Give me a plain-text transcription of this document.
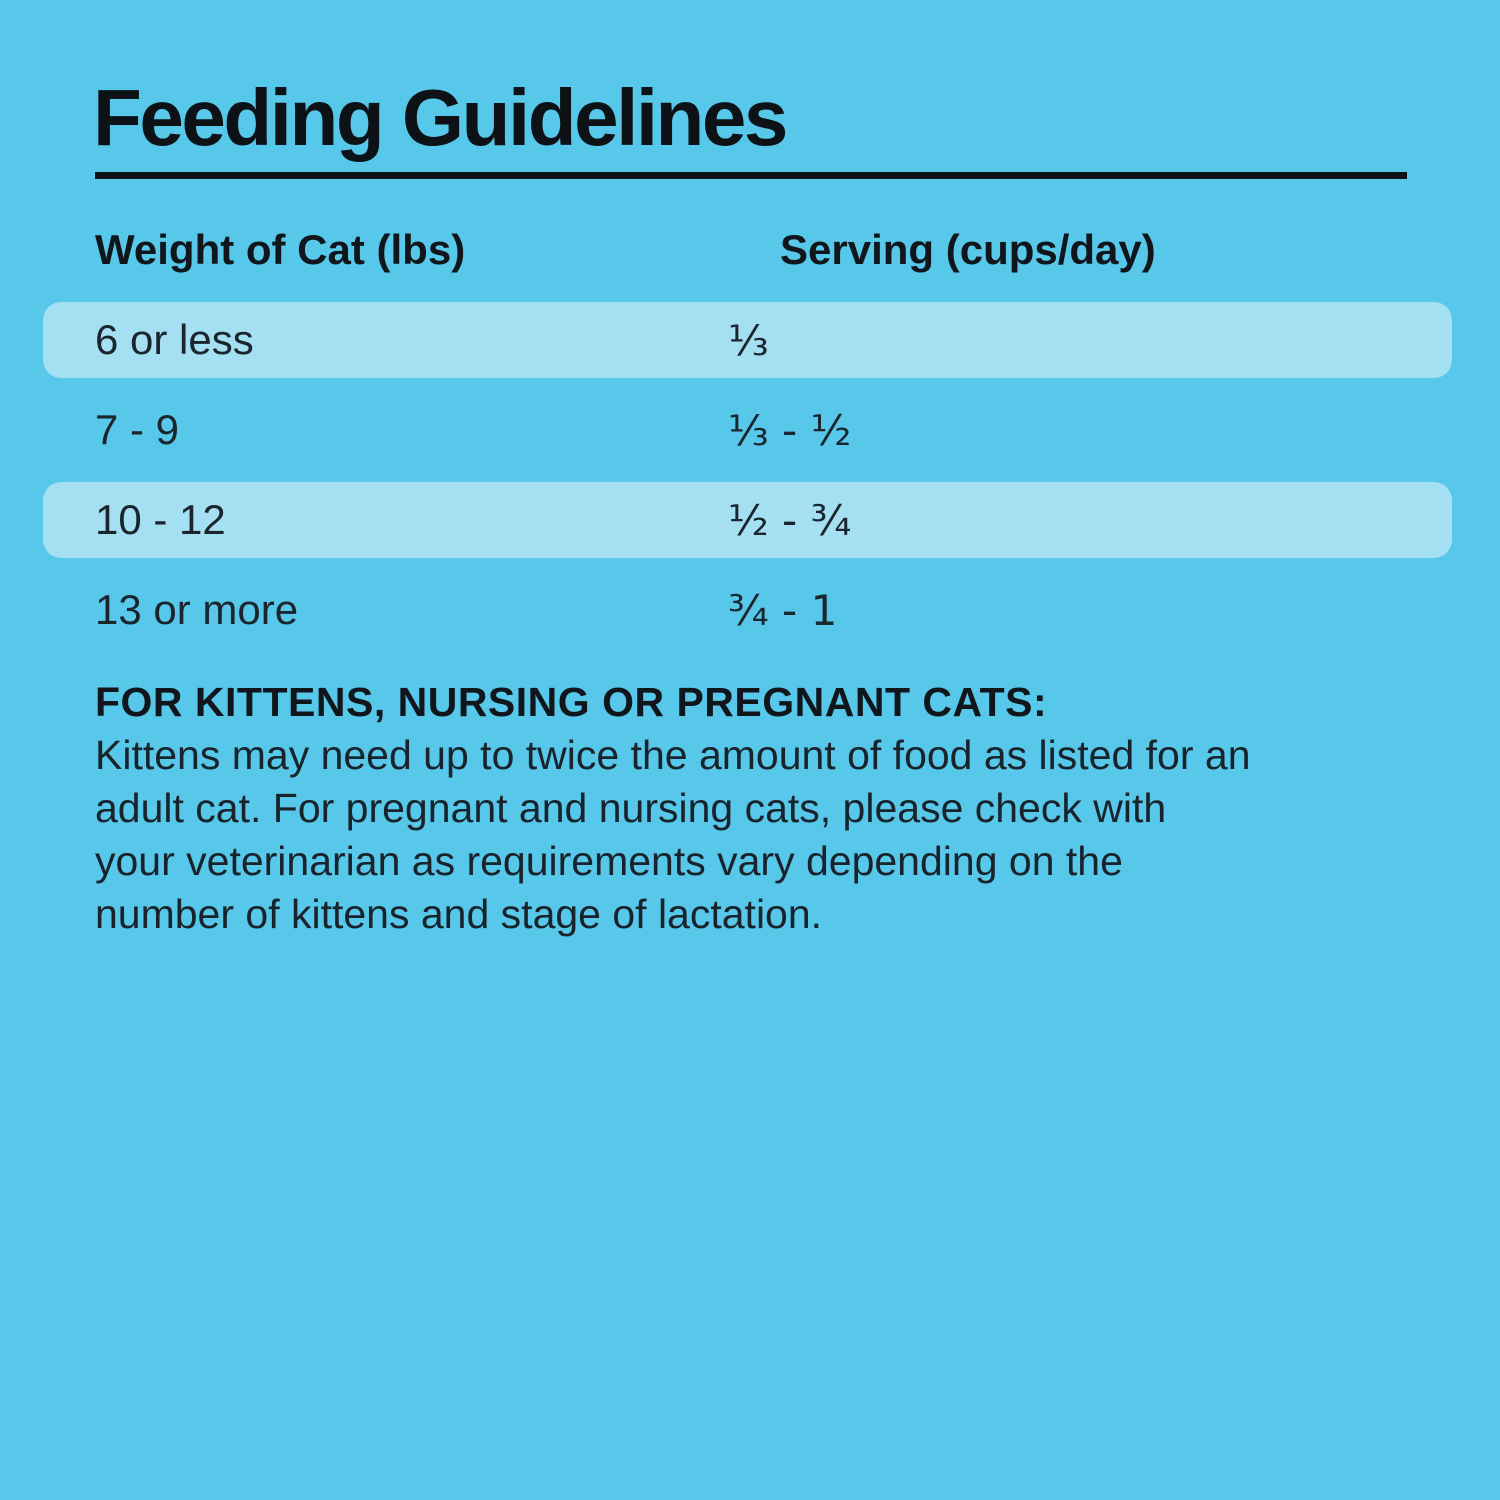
Feeding Guidelines
Weight of Cat (lbs)	Serving (cups/day)
6 or less	⅓
7 - 9	⅓ - ½
10 - 12	½ - ¾
13 or more	¾ - 1
FOR KITTENS, NURSING OR PREGNANT CATS:
Kittens may need up to twice the amount of food as listed for an adult cat. For pregnant and nursing cats, please check with your veterinarian as requirements vary depending on the number of kittens and stage of lactation.
